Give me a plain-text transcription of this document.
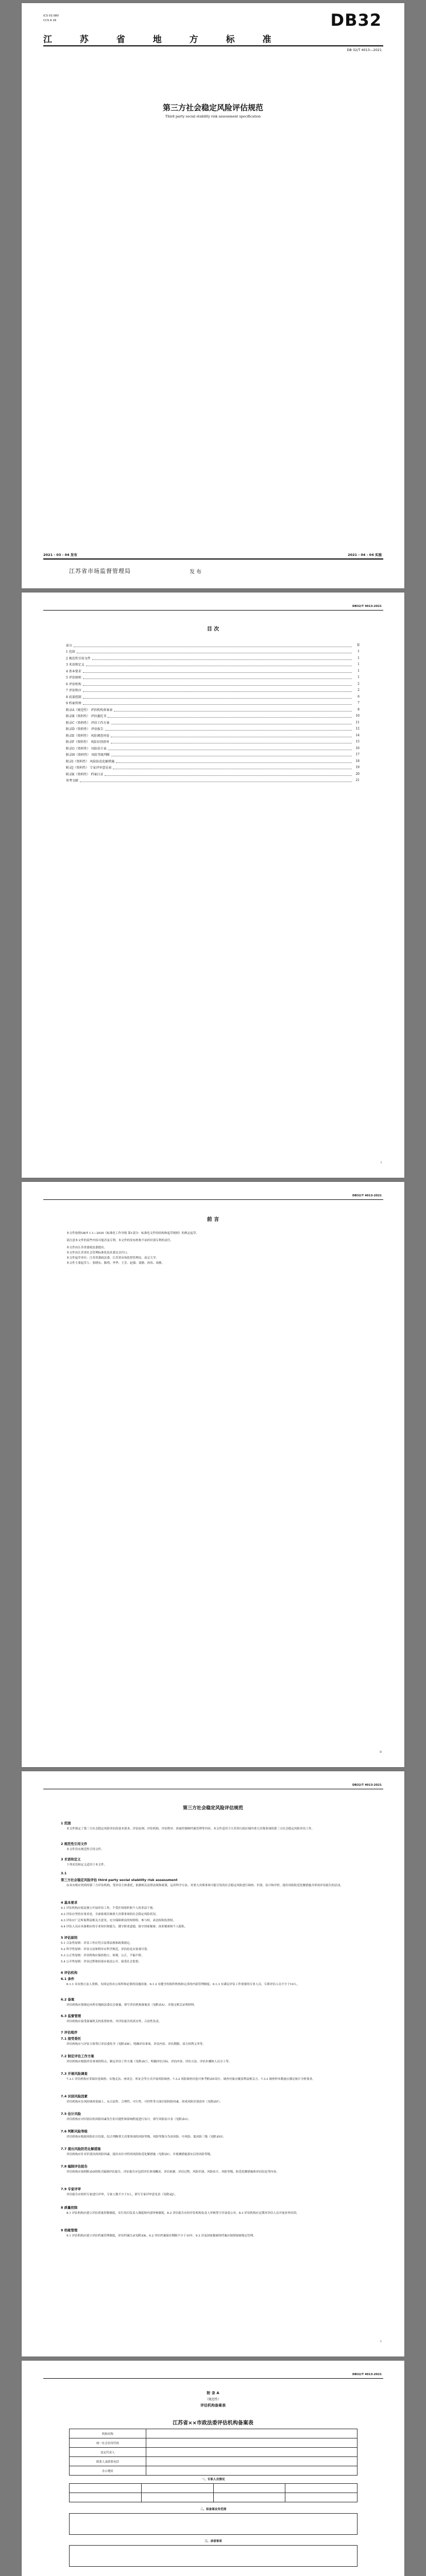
ICS 03.080
CCS A 16	DB32
江 苏 省 地 方 标 准
DB 32/T 4013—2021
第三方社会稳定风险评估规范
Third party social stability risk assessment specification
2021 - 03 - 04 发布	2021 - 04 - 04 实施
江苏省市场监督管理局	发 布
DB32/T 4013-2021
目 次
前言	II
1 范围	1
2 规范性引用文件	1
3 术语和定义	1
4 基本要求	1
5 评估原则	1
6 评估机构	2
7 评估程序	2
8 质量控制	6
9 档案管理	7
附录A（规范性） 评估机构备案表	8
附录B（资料性） 评估委托书	10
附录C（资料性） 评估工作方案	11
附录D（资料性） 评估报告	12
附录E（资料性） 风险调查问卷	14
附录F（资料性） 风险识别清单	15
附录G（资料性） 风险估计表	16
附录H（资料性） 风险等级判断	17
附录I（资料性） 风险防范化解措施	18
附录J（资料性） 专家评审意见表	19
附录K（资料性） 档案目录	20
参考文献	21
I
DB32/T 4013-2021
前 言
本文件按照GB/T 1.1—2020《标准化工作导则 第1部分：标准化文件的结构和起草规则》的规定起草。
请注意本文件的某些内容可能涉及专利。本文件的发布机构不承担识别专利的责任。
本文件由江苏省委政法委提出。
本文件由江苏省社会管理标准化技术委员会归口。
本文件起草单位：江苏省委政法委、江苏省市场监督管理局、南京大学。
本文件主要起草人：张晓东、陈明、李华、王芳、赵强、刘静、孙伟、周敏。
II
DB32/T 4013-2021
第三方社会稳定风险评估规范
1 范围
本文件规定了第三方社会稳定风险评估的基本要求、评估原则、评估机构、评估程序、质量控制和档案管理等内容。本文件适用于江苏省行政区域内重大决策事项的第三方社会稳定风险评估工作。
2 规范性引用文件
本文件没有规范性引用文件。
3 术语和定义
下列术语和定义适用于本文件。
3.1
第三方社会稳定风险评估 third party social stability risk assessment
由具有相应资质的第三方评估机构，受评估主体委托，依据相关法律法规和政策，运用科学方法，对重大决策事项可能引发的社会稳定风险进行调查、识别、估计和评价，提出风险防范化解措施并形成评估报告的活动。
4 基本要求
4.1 评估机构应依法独立开展评估工作，不受任何组织和个人的非法干预。
4.2 评估应坚持实事求是，全面客观反映重大决策事项的社会稳定风险状况。
4.3 评估应广泛听取利益相关方意见，充分保障群众的知情权、参与权、表达权和监督权。
4.4 评估人员应具备相应的专业知识和能力，遵守职业道德，保守国家秘密、商业秘密和个人隐私。
5 评估原则
5.1 合法性原则：评估工作应符合法律法规和政策规定。
5.2 科学性原则：评估方法和程序应科学规范，评估结论应客观可靠。
5.3 公正性原则：评估机构应保持独立、客观、公正，不偏不倚。
5.4 公开性原则：评估过程和结果应依法公开，接受社会监督。
6 评估机构
6.1 条件
6.1.1 具有独立法人资格，有固定的办公场所和必要的设施设备。6.1.2 有健全的组织机构和完善的内部管理制度。6.1.3 有满足评估工作需要的专业人员，专职评估人员不少于10人。
6.2 备案
评估机构应按规定向所在地政法委员会备案，填写评估机构备案表（见附录A），并提交相关证明材料。
6.3 监督管理
评估机构应接受备案机关的监督检查，对评估报告的真实性、合法性负责。
7 评估程序
7.1 接受委托
评估机构应与评估主体签订评估委托书（见附录B），明确评估事项、评估内容、评估期限、双方权利义务等。
7.2 制定评估工作方案
评估机构应根据评估事项的特点，制定评估工作方案（见附录C），明确评估目标、评估内容、评估方法、评估步骤和人员分工等。
7.3 开展风险调查
7.3.1 评估机构应采取问卷调查、实地走访、座谈会、听证会等方式开展风险调查。7.3.2 风险调查问卷可参考附录E设计，调查对象应覆盖利益相关方。7.3.3 调查样本数量应满足统计分析要求。
7.4 识别风险因素
评估机构应在风险调查基础上，从合法性、合理性、可行性、可控性等方面识别风险因素，形成风险识别清单（见附录F）。
7.5 估计风险
评估机构应对识别出的风险因素发生的可能性和影响程度进行估计，填写风险估计表（见附录G）。
7.6 判断风险等级
评估机构应根据风险估计结果，综合判断重大决策事项的风险等级，风险等级分为高风险、中风险、低风险三级（见附录H）。
7.7 提出风险防范化解措施
评估机构应针对识别出的风险因素，提出有针对性的风险防范化解措施（见附录I），并预测措施落实后的风险等级。
7.8 编制评估报告
评估机构应按照附录D的格式编制评估报告，评估报告应包括评估事项概况、评估依据、评估过程、风险识别、风险估计、风险等级、防范化解措施和评估结论等内容。
7.9 专家评审
评估报告应组织专家进行评审，专家人数不少于5人，填写专家评审意见表（见附录J）。
8 质量控制
8.1 评估机构应建立评估质量控制制度，实行项目负责人制度和内部审核制度。8.2 评估报告应经评估机构负责人审核签字并加盖公章。8.3 评估机构应定期对评估人员开展业务培训。
9 档案管理
9.1 评估机构应建立评估档案管理制度，评估档案目录见附录K。9.2 评估档案保存期限不少于10年。9.3 涉及国家秘密的档案应按照保密规定管理。
1
DB32/T 4013-2021
附 录 A
（规范性）
评估机构备案表
江苏省××市政法委评估机构备案表
机构名称	
统一社会信用代码	
法定代表人	
联系人及联系电话	
办公地址	
一、专职人员情况

二、拟备案业务范围
三、承诺事项
